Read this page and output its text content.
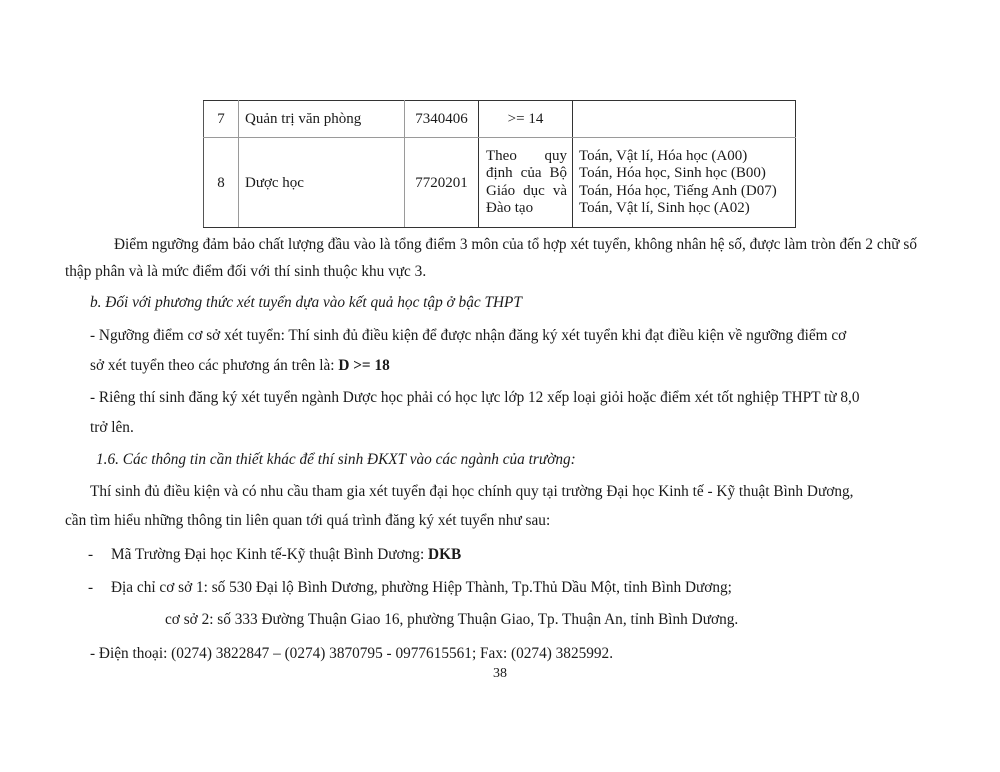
7	Quản trị văn phòng	7340406	>= 14	
8	Dược học	7720201	Theo quy định của Bộ Giáo dục và Đào tạo	Toán, Vật lí, Hóa học (A00)
Toán, Hóa học, Sinh học (B00)
Toán, Hóa học, Tiếng Anh (D07)
Toán, Vật lí, Sinh học (A02)
Điểm ngưỡng đảm bảo chất lượng đầu vào là tổng điểm 3 môn của tổ hợp xét tuyển, không nhân hệ số, được làm tròn đến 2 chữ số
thập phân và là mức điểm đối với thí sinh thuộc khu vực 3.
b. Đối với phương thức xét tuyển dựa vào kết quả học tập ở bậc THPT
- Ngưỡng điểm cơ sở xét tuyển: Thí sinh đủ điều kiện để được nhận đăng ký xét tuyển khi đạt điều kiện về ngưỡng điểm cơ
sở xét tuyển theo các phương án trên là: D >= 18
- Riêng thí sinh đăng ký xét tuyển ngành Dược học phải có học lực lớp 12 xếp loại giỏi hoặc điểm xét tốt nghiệp THPT từ 8,0
trở lên.
1.6. Các thông tin cần thiết khác để thí sinh ĐKXT vào các ngành của trường:
Thí sinh đủ điều kiện và có nhu cầu tham gia xét tuyển đại học chính quy tại trường Đại học Kinh tế - Kỹ thuật Bình Dương,
cần tìm hiểu những thông tin liên quan tới quá trình đăng ký xét tuyển như sau:
- Mã Trường Đại học Kinh tế-Kỹ thuật Bình Dương: DKB
- Địa chỉ cơ sở 1: số 530 Đại lộ Bình Dương, phường Hiệp Thành, Tp.Thủ Dầu Một, tỉnh Bình Dương;
cơ sở 2: số 333 Đường Thuận Giao 16, phường Thuận Giao, Tp. Thuận An, tỉnh Bình Dương.
- Điện thoại: (0274) 3822847 – (0274) 3870795 - 0977615561; Fax: (0274) 3825992.
38
